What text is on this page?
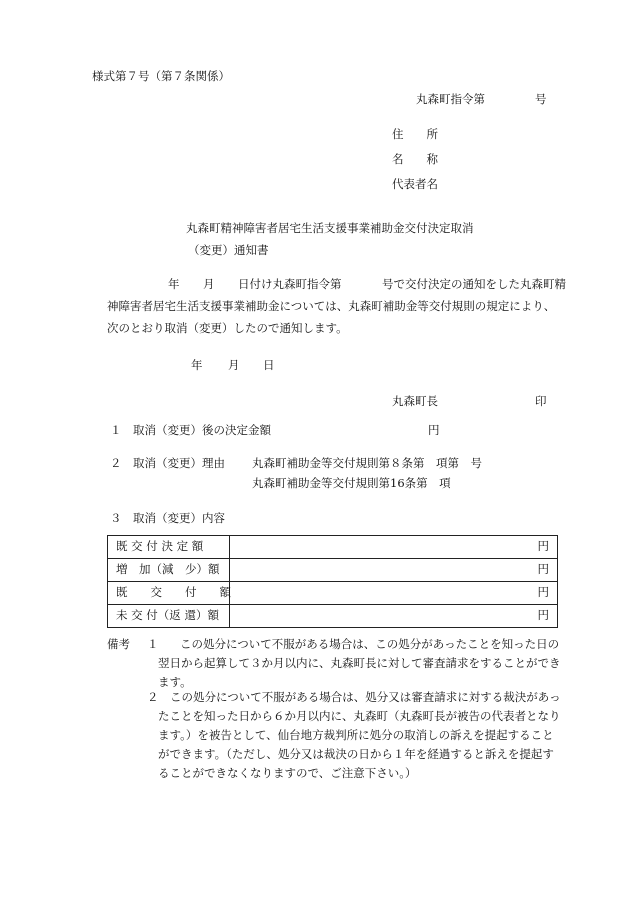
様式第７号（第７条関係）
丸森町指令第	号
住　　所
名　　称
代表者名
丸森町精神障害者居宅生活支援事業補助金交付決定取消
（変更）通知書
年 月 日付け丸森町指令第	号で交付決定の通知をした丸森町精
神障害者居宅生活支援事業補助金については、丸森町補助金等交付規則の規定により、
次のとおり取消（変更）したので通知します。
年 月 日
丸森町長	印
１ 取消（変更）後の決定金額	円
２ 取消（変更）理由 丸森町補助金等交付規則第８条第　項第　号
丸森町補助金等交付規則第16条第　項
３ 取消（変更）内容
既 交 付 決 定 額	円
増　加（減　少）額	円
既　　交　　付　　額	円
未 交 付（返 還）額	円
備考 １ この処分について不服がある場合は、この処分があったことを知った日の
翌日から起算して３か月以内に、丸森町長に対して審査請求をすることができ
ます。
２ この処分について不服がある場合は、処分又は審査請求に対する裁決があっ
たことを知った日から６か月以内に、丸森町（丸森町長が被告の代表者となり
ます。）を被告として、仙台地方裁判所に処分の取消しの訴えを提起すること
ができます。（ただし、処分又は裁決の日から１年を経過すると訴えを提起す
ることができなくなりますので、ご注意下さい。）
